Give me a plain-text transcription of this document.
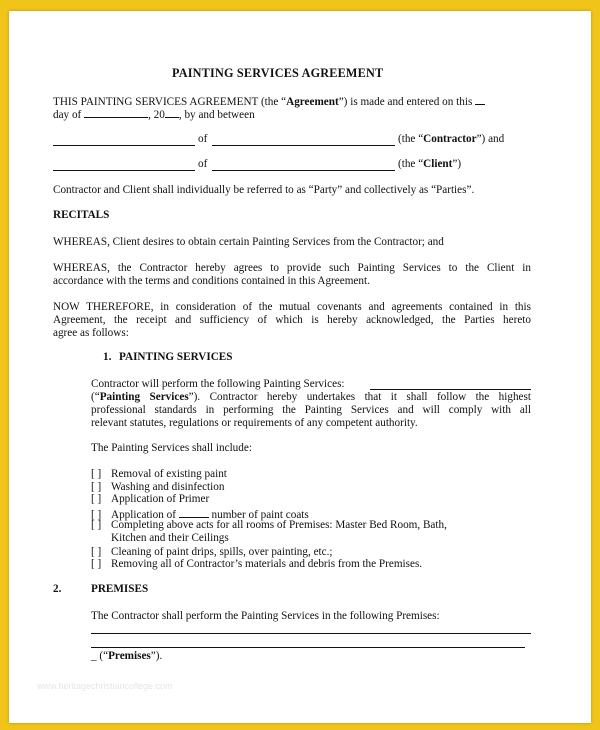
PAINTING SERVICES AGREEMENT
THIS PAINTING SERVICES AGREEMENT (the “Agreement”) is made and entered on this
day of	, 20 , by and between
of	(the “Contractor”) and
of	(the “Client”)
Contractor and Client shall individually be referred to as “Party” and collectively as “Parties”.
RECITALS
WHEREAS, Client desires to obtain certain Painting Services from the Contractor; and
WHEREAS, the Contractor hereby agrees to provide such Painting Services to the Client in
accordance with the terms and conditions contained in this Agreement.
NOW THEREFORE, in consideration of the mutual covenants and agreements contained in this
Agreement, the receipt and sufficiency of which is hereby acknowledged, the Parties hereto
agree as follows:
1. PAINTING SERVICES
Contractor will perform the following Painting Services:
(“Painting Services”). Contractor hereby undertakes that it shall follow the highest
professional standards in performing the Painting Services and will comply with all
relevant statutes, regulations or requirements of any competent authority.
The Painting Services shall include:
[ ] Removal of existing paint
[ ] Washing and disinfection
[ ] Application of Primer
[ ] Application of	number of paint coats
[ ] Completing above acts for all rooms of Premises: Master Bed Room, Bath,
Kitchen and their Ceilings
[ ] Cleaning of paint drips, spills, over painting, etc.;
[ ] Removing all of Contractor’s materials and debris from the Premises.
2.	PREMISES
The Contractor shall perform the Painting Services in the following Premises:
_ (“Premises”).
www.heritagechristiancollege.com
